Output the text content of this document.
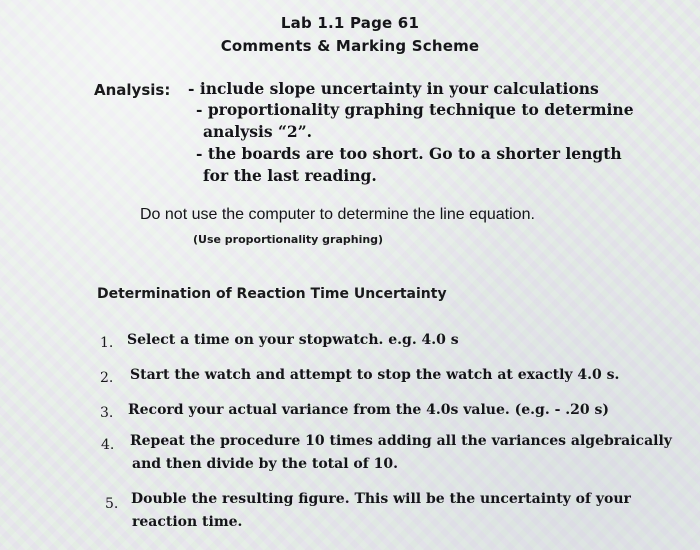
Lab 1.1 Page 61
Comments & Marking Scheme
Analysis: - include slope uncertainty in your calculations
- proportionality graphing technique to determine
analysis “2”.
- the boards are too short. Go to a shorter length
for the last reading.
Do not use the computer to determine the line equation.
(Use proportionality graphing)
Determination of Reaction Time Uncertainty
1. Select a time on your stopwatch. e.g. 4.0 s
2. Start the watch and attempt to stop the watch at exactly 4.0 s.
3. Record your actual variance from the 4.0s value. (e.g. - .20 s)
4. Repeat the procedure 10 times adding all the variances algebraically
and then divide by the total of 10.
5. Double the resulting figure. This will be the uncertainty of your
reaction time.
